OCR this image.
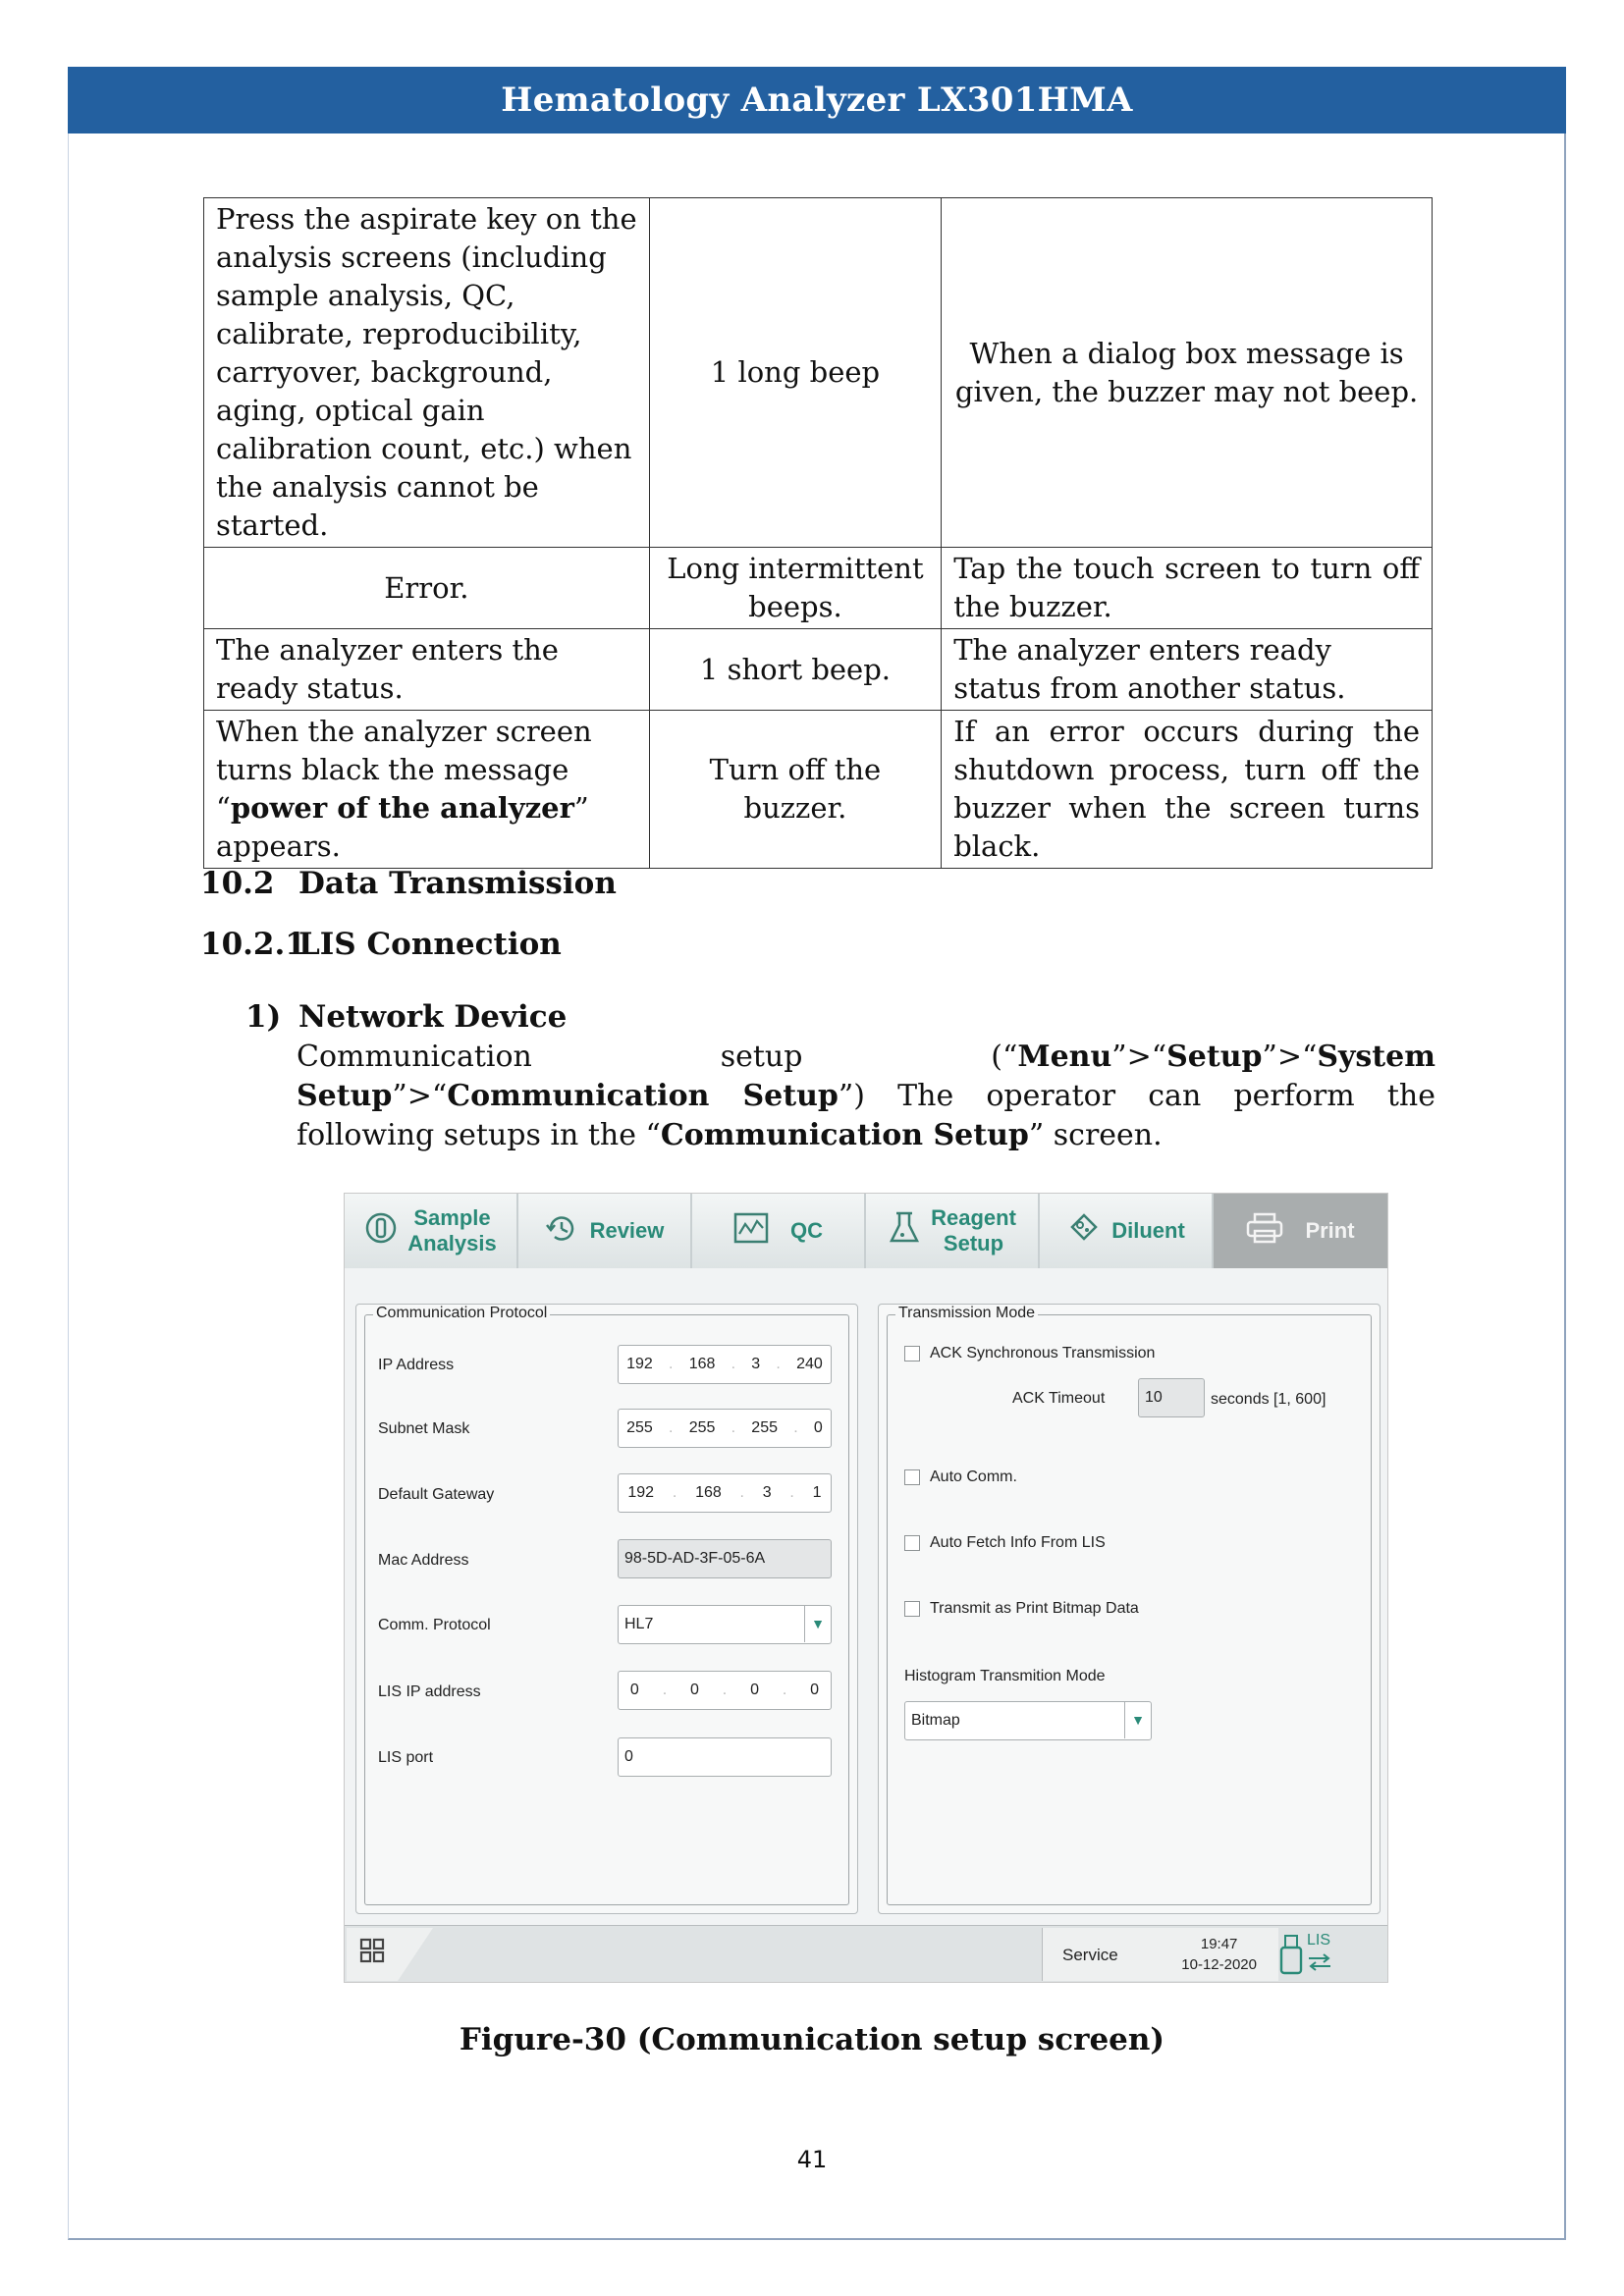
Hematology Analyzer LX301HMA
Press the aspirate key on the analysis screens (including sample analysis, QC, calibrate, reproducibility, carryover, background, aging, optical gain calibration count, etc.) when the analysis cannot be started.	1 long beep	When a dialog box message is given, the buzzer may not beep.
Error.	Long intermittent beeps.	Tap the touch screen to turn off the buzzer.
The analyzer enters the ready status.	1 short beep.	The analyzer enters ready status from another status.
When the analyzer screen turns black the message “power of the analyzer” appears.	Turn off the buzzer.	If an error occurs during the shutdown process, turn off the buzzer when the screen turns black.
10.2 Data Transmission
10.2.1
LIS Connection
1) Network Device
Communication setup (“Menu”>“Setup”>“System Setup”>“Communication Setup”) The operator can perform the following setups in the “Communication Setup” screen.
Sample
Analysis
Review	QC
Reagent
Setup
Diluent	Print
Communication Protocol
IP Address	192 . 168 . 3 . 240
Subnet Mask	255 . 255 . 255 . 0
Default Gateway	192 . 168 . 3 . 1
Mac Address	98-5D-AD-3F-05-6A
Comm. Protocol	HL7	▼
LIS IP address	0 . 0 . 0 . 0
LIS port	0
Transmission Mode
ACK Synchronous Transmission
ACK Timeout	10	seconds [1, 600]
Auto Comm.
Auto Fetch Info From LIS
Transmit as Print Bitmap Data
Histogram Transmition Mode
Bitmap	▼
Service
19:47
10-12-2020
LIS
Figure-30 (Communication setup screen)
41
